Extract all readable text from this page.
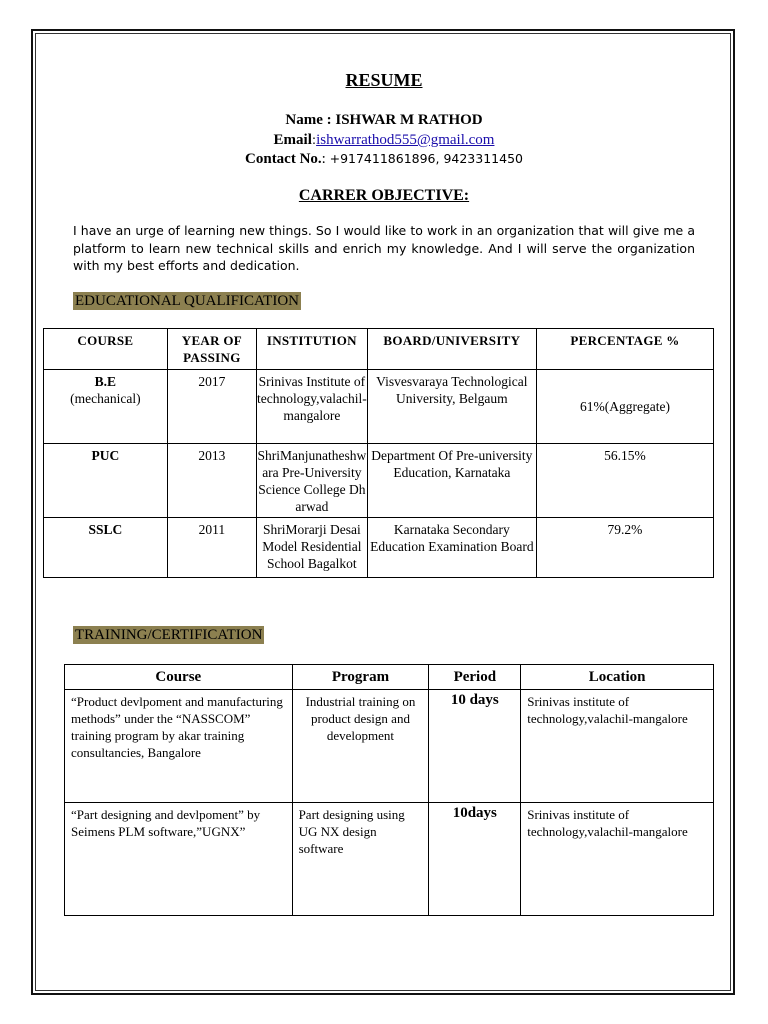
RESUME
Name : ISHWAR M RATHOD
Email:ishwarrathod555@gmail.com
Contact No.: +917411861896, 9423311450
CARRER OBJECTIVE:
I have an urge of learning new things. So I would like to work in an organization that will give me a platform to learn new technical skills and enrich my knowledge. And I will serve the organization with my best efforts and dedication.
EDUCATIONAL QUALIFICATION
COURSE	YEAR OF PASSING	INSTITUTION	BOARD/UNIVERSITY	PERCENTAGE %
B.E
(mechanical)	2017	Srinivas Institute of technology,valachil-mangalore	Visvesvaraya Technological University, Belgaum	61%(Aggregate)
PUC	2013	ShriManjunatheshwara Pre-University Science College Dharwad	Department Of Pre-university Education, Karnataka	56.15%
SSLC	2011	ShriMorarji Desai Model Residential School Bagalkot	Karnataka Secondary Education Examination Board	79.2%
TRAINING/CERTIFICATION
Course	Program	Period	Location
“Product devlpoment and manufacturing methods” under the “NASSCOM” training program by akar training consultancies, Bangalore	Industrial training on product design and development	10 days	Srinivas institute of technology,valachil-mangalore
“Part designing and devlpoment” by Seimens PLM software,”UGNX”	Part designing using UG NX design software	10days	Srinivas institute of technology,valachil-mangalore
